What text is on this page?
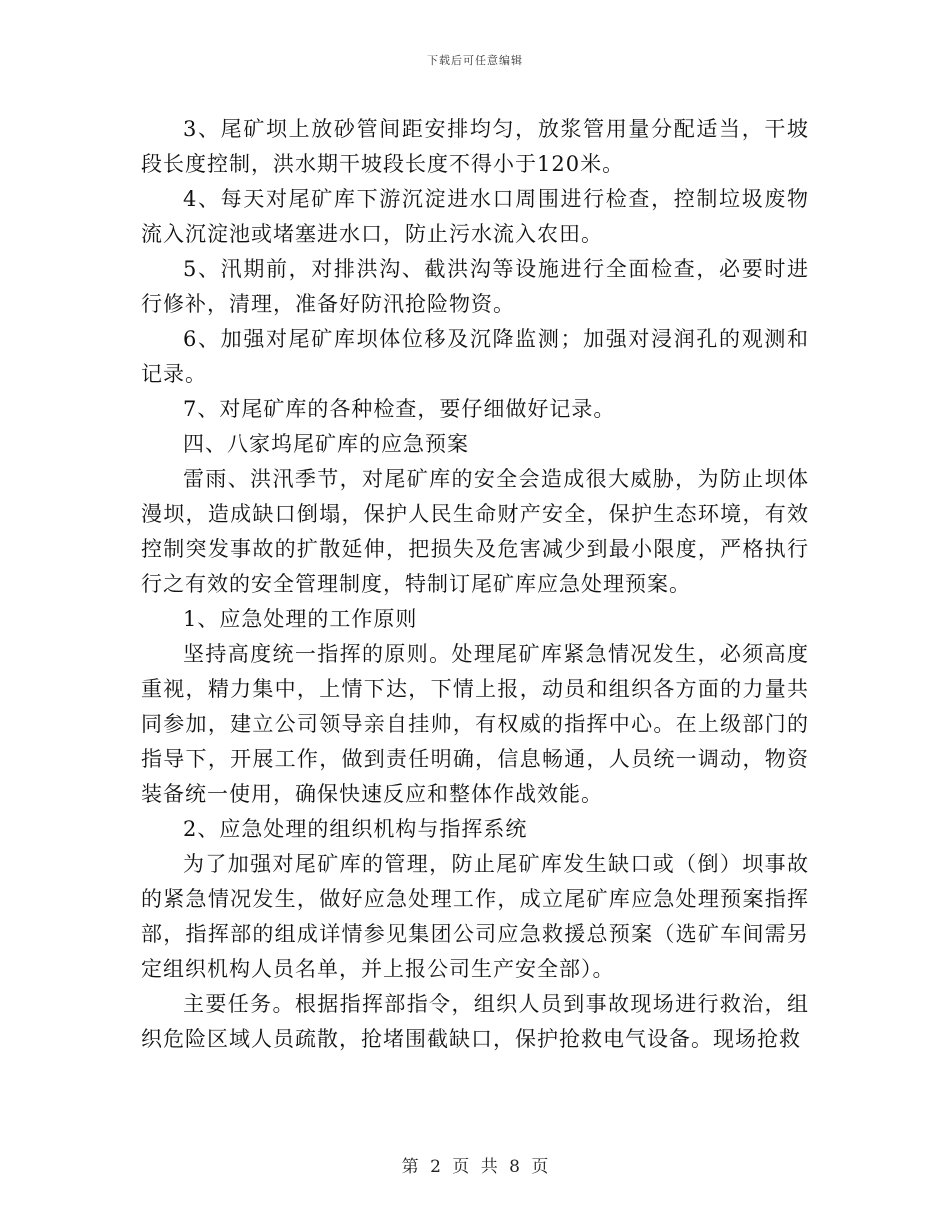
下载后可任意编辑

3、尾矿坝上放砂管间距安排均匀，放浆管用量分配适当，干坡段长度控制，洪水期干坡段长度不得小于120米。

4、每天对尾矿库下游沉淀进水口周围进行检查，控制垃圾废物流入沉淀池或堵塞进水口，防止污水流入农田。

5、汛期前，对排洪沟、截洪沟等设施进行全面检查，必要时进行修补，清理，准备好防汛抢险物资。

6、加强对尾矿库坝体位移及沉降监测；加强对浸润孔的观测和记录。

7、对尾矿库的各种检查，要仔细做好记录。

四、八家坞尾矿库的应急预案

雷雨、洪汛季节，对尾矿库的安全会造成很大威胁，为防止坝体漫坝，造成缺口倒塌，保护人民生命财产安全，保护生态环境，有效控制突发事故的扩散延伸，把损失及危害减少到最小限度，严格执行行之有效的安全管理制度，特制订尾矿库应急处理预案。

1、应急处理的工作原则

坚持高度统一指挥的原则。处理尾矿库紧急情况发生，必须高度重视，精力集中，上情下达，下情上报，动员和组织各方面的力量共同参加，建立公司领导亲自挂帅，有权威的指挥中心。在上级部门的指导下，开展工作，做到责任明确，信息畅通，人员统一调动，物资装备统一使用，确保快速反应和整体作战效能。

2、应急处理的组织机构与指挥系统

为了加强对尾矿库的管理，防止尾矿库发生缺口或（倒）坝事故的紧急情况发生，做好应急处理工作，成立尾矿库应急处理预案指挥部，指挥部的组成详情参见集团公司应急救援总预案（选矿车间需另定组织机构人员名单，并上报公司生产安全部）。

主要任务。根据指挥部指令，组织人员到事故现场进行救治，组织危险区域人员疏散，抢堵围截缺口，保护抢救电气设备。现场抢救

第 2 页 共 8 页
